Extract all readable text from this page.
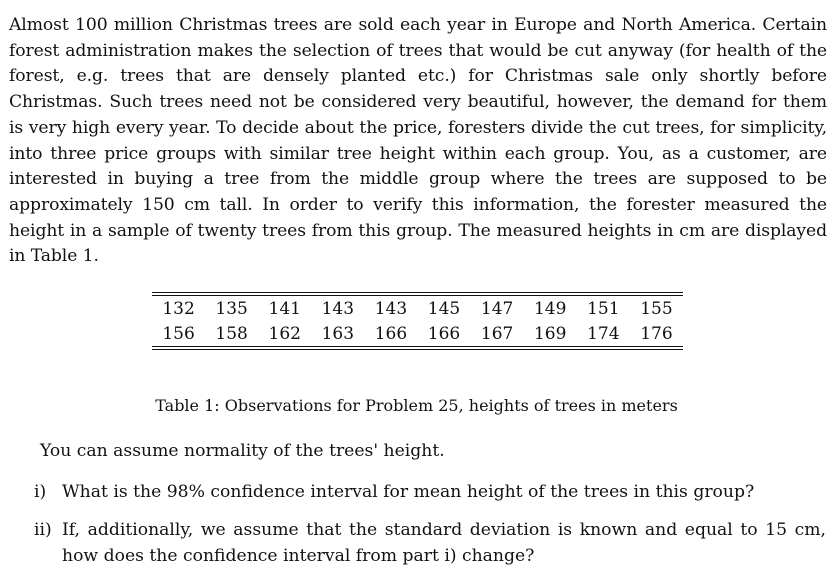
Almost 100 million Christmas trees are sold each year in Europe and North America. Certain forest administration makes the selection of trees that would be cut anyway (for health of the forest, e.g. trees that are densely planted etc.) for Christmas sale only shortly before Christmas. Such trees need not be considered very beautiful, however, the demand for them is very high every year. To decide about the price, foresters divide the cut trees, for simplicity, into three price groups with similar tree height within each group. You, as a customer, are interested in buying a tree from the middle group where the trees are supposed to be approximately 150 cm tall. In order to verify this information, the forester measured the height in a sample of twenty trees from this group. The measured heights in cm are displayed in Table 1.

132	135	141	143	143	145	147	149	151	155
156	158	162	163	166	166	167	169	174	176

Table 1: Observations for Problem 25, heights of trees in meters

You can assume normality of the trees' height.

i) What is the 98% confidence interval for mean height of the trees in this group?
ii) If, additionally, we assume that the standard deviation is known and equal to 15 cm, how does the confidence interval from part i) change?
